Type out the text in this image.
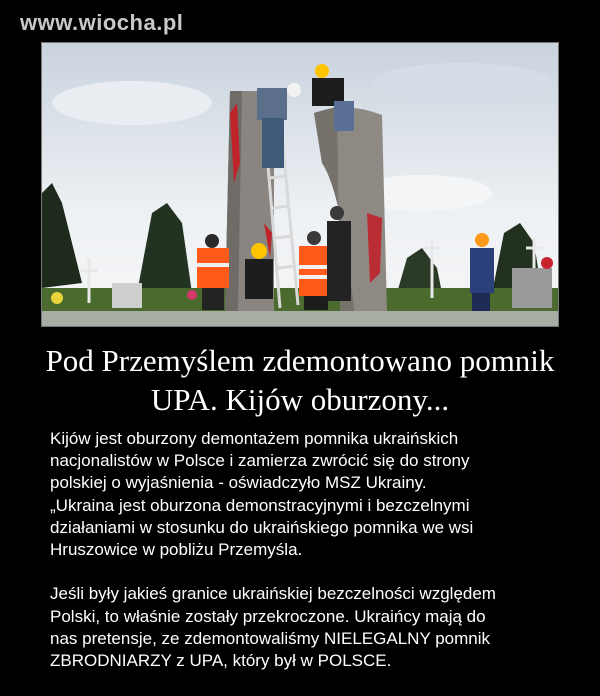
www.wiocha.pl
Pod Przemyślem zdemontowano pomnik
UPA. Kijów oburzony...
Kijów jest oburzony demontażem pomnika ukraińskich
nacjonalistów w Polsce i zamierza zwrócić się do strony
polskiej o wyjaśnienia - oświadczyło MSZ Ukrainy.
„Ukraina jest oburzona demonstracyjnymi i bezczelnymi
działaniami w stosunku do ukraińskiego pomnika we wsi
Hruszowice w pobliżu Przemyśla.
Jeśli były jakieś granice ukraińskiej bezczelności względem
Polski, to właśnie zostały przekroczone. Ukraińcy mają do
nas pretensje, ze zdemontowaliśmy NIELEGALNY pomnik
ZBRODNIARZY z UPA, który był w POLSCE.
